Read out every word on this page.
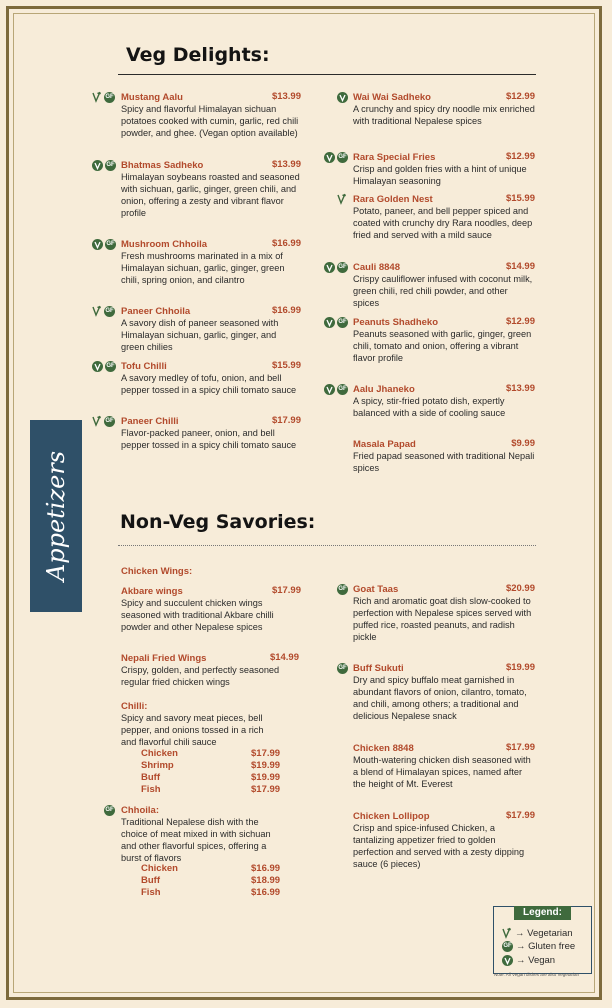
Veg Delights:
Appetizers
GF Mustang Aalu	$13.99
Spicy and flavorful Himalayan sichuan potatoes cooked with cumin, garlic, red chili powder, and ghee. (Vegan option available)
GF Bhatmas Sadheko	$13.99
Himalayan soybeans roasted and seasoned with sichuan, garlic, ginger, green chili, and onion, offering a zesty and vibrant flavor profile
GF Mushroom Chhoila	$16.99
Fresh mushrooms marinated in a mix of Himalayan sichuan, garlic, ginger, green chili, spring onion, and cilantro
GF Paneer Chhoila	$16.99
A savory dish of paneer seasoned with Himalayan sichuan, garlic, ginger, and green chilies
GF Tofu Chilli	$15.99
A savory medley of tofu, onion, and bell pepper tossed in a spicy chili tomato sauce
GF Paneer Chilli	$17.99
Flavor-packed paneer, onion, and bell pepper tossed in a spicy chili tomato sauce
Wai Wai Sadheko	$12.99
A crunchy and spicy dry noodle mix enriched with traditional Nepalese spices
GF Rara Special Fries	$12.99
Crisp and golden fries with a hint of unique Himalayan seasoning
Rara Golden Nest	$15.99
Potato, paneer, and bell pepper spiced and coated with crunchy dry Rara noodles, deep fried and served with a mild sauce
GF Cauli 8848	$14.99
Crispy cauliflower infused with coconut milk, green chili, red chili powder, and other spices
GF Peanuts Shadheko	$12.99
Peanuts seasoned with garlic, ginger, green chili, tomato and onion, offering a vibrant flavor profile
GF Aalu Jhaneko	$13.99
A spicy, stir-fried potato dish, expertly balanced with a side of cooling sauce
Masala Papad	$9.99
Fried papad seasoned with traditional Nepali spices
Non-Veg Savories:
Chicken Wings:
Akbare wings	$17.99
Spicy and succulent chicken wings seasoned with traditional Akbare chilli powder and other Nepalese spices
Nepali Fried Wings	$14.99
Crispy, golden, and perfectly seasoned regular fried chicken wings
Chilli:
Spicy and savory meat pieces, bell pepper, and onions tossed in a rich and flavorful chili sauce
Chicken	$17.99
Shrimp	$19.99
Buff	$19.99
Fish	$17.99
GF Chhoila:
Traditional Nepalese dish with the choice of meat mixed in with sichuan and other flavorful spices, offering a burst of flavors
Chicken	$16.99
Buff	$18.99
Fish	$16.99
GF Goat Taas	$20.99
Rich and aromatic goat dish slow-cooked to perfection with Nepalese spices served with puffed rice, roasted peanuts, and radish pickle
GF Buff Sukuti	$19.99
Dry and spicy buffalo meat garnished in abundant flavors of onion, cilantro, tomato, and chili, among others; a traditional and delicious Nepalese snack
Chicken 8848	$17.99
Mouth-watering chicken dish seasoned with a blend of Himalayan spices, named after the height of Mt. Everest
Chicken Lollipop	$17.99
Crisp and spice-infused Chicken, a tantalizing appetizer fried to golden perfection and served with a zesty dipping sauce (6 pieces)
Legend:
→ Vegetarian
GF → Gluten free
→ Vegan
Note: All Vegan dishes are also Vegetarian
